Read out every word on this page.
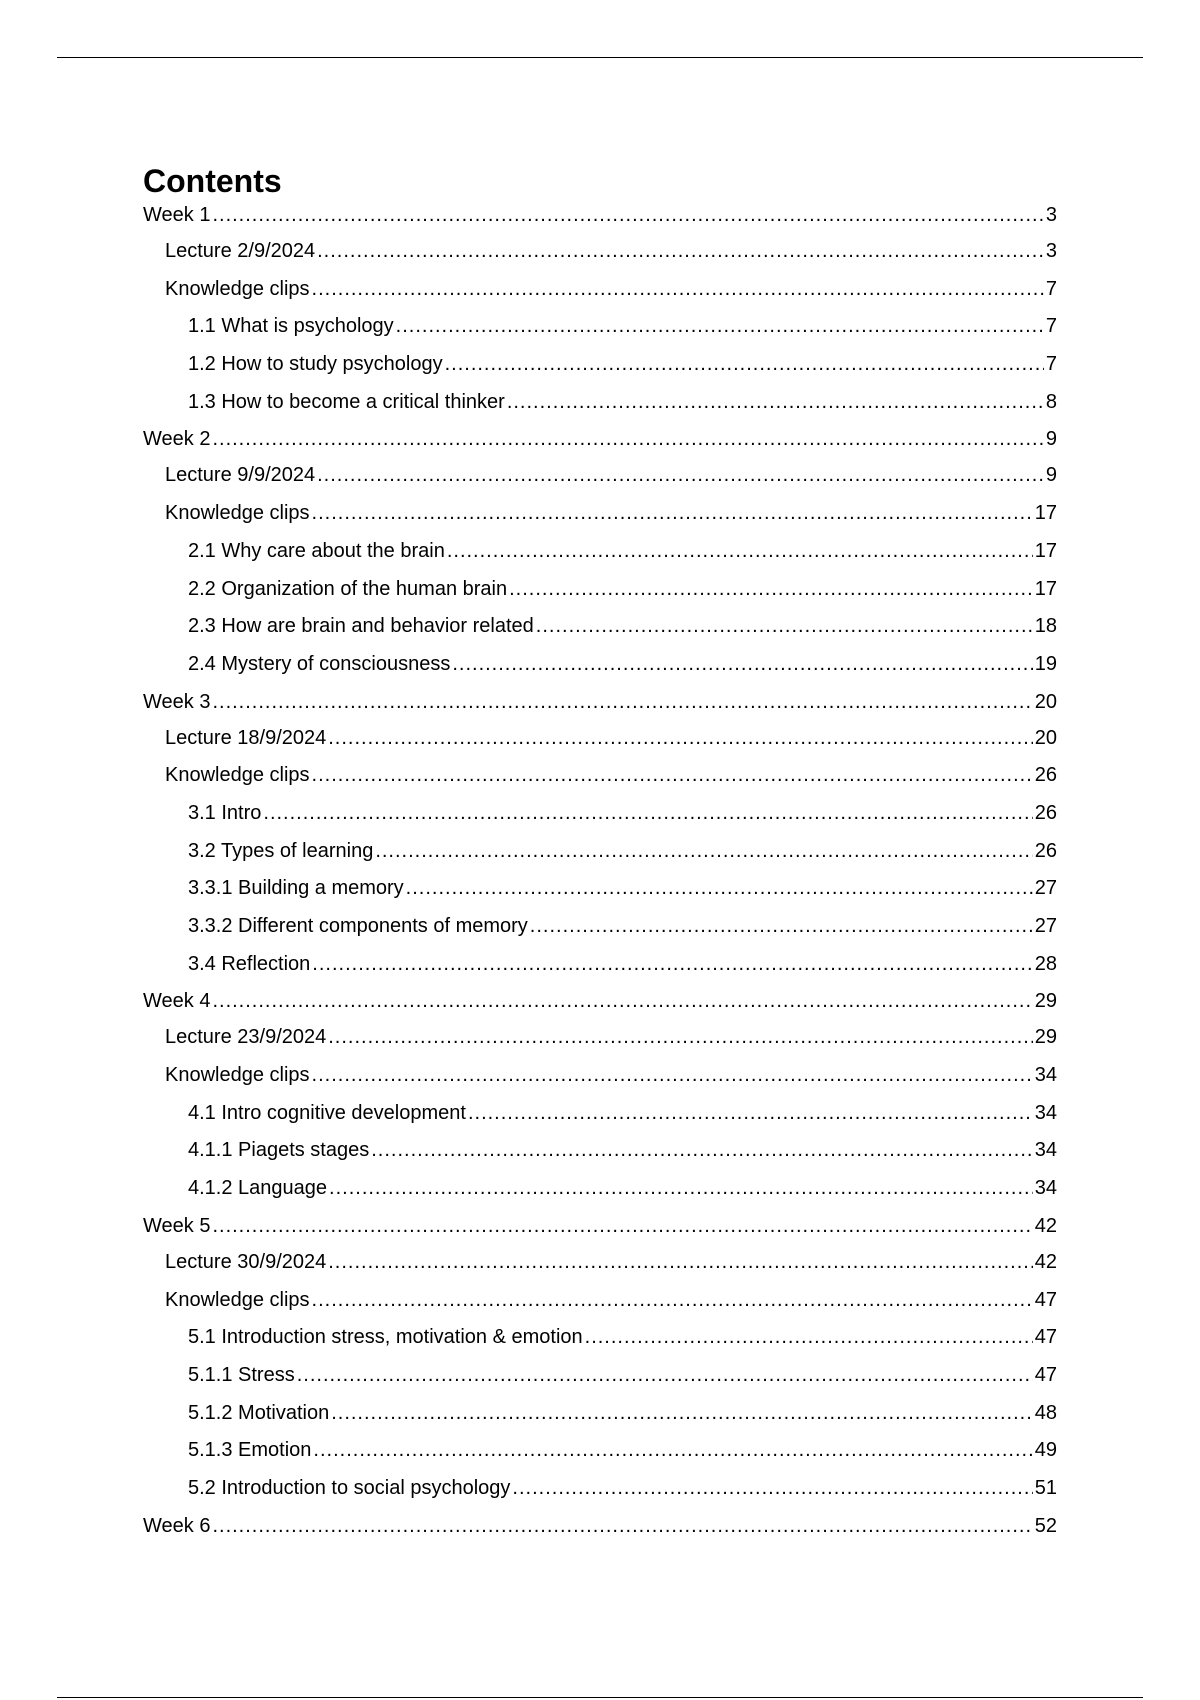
Contents
Week 1 .....	3
Lecture 2/9/2024 .....	3
Knowledge clips .....	7
1.1 What is psychology .....	7
1.2 How to study psychology .....	7
1.3 How to become a critical thinker .....	8
Week 2 .....	9
Lecture 9/9/2024 .....	9
Knowledge clips .....	17
2.1 Why care about the brain .....	17
2.2 Organization of the human brain .....	17
2.3 How are brain and behavior related .....	18
2.4 Mystery of consciousness .....	19
Week 3 .....	20
Lecture 18/9/2024 .....	20
Knowledge clips .....	26
3.1 Intro .....	26
3.2 Types of learning .....	26
3.3.1 Building a memory .....	27
3.3.2 Different components of memory .....	27
3.4 Reflection .....	28
Week 4 .....	29
Lecture 23/9/2024 .....	29
Knowledge clips .....	34
4.1 Intro cognitive development .....	34
4.1.1 Piagets stages .....	34
4.1.2 Language .....	34
Week 5 .....	42
Lecture 30/9/2024 .....	42
Knowledge clips .....	47
5.1 Introduction stress, motivation & emotion .....	47
5.1.1 Stress .....	47
5.1.2 Motivation .....	48
5.1.3 Emotion .....	49
5.2 Introduction to social psychology .....	51
Week 6 .....	52
